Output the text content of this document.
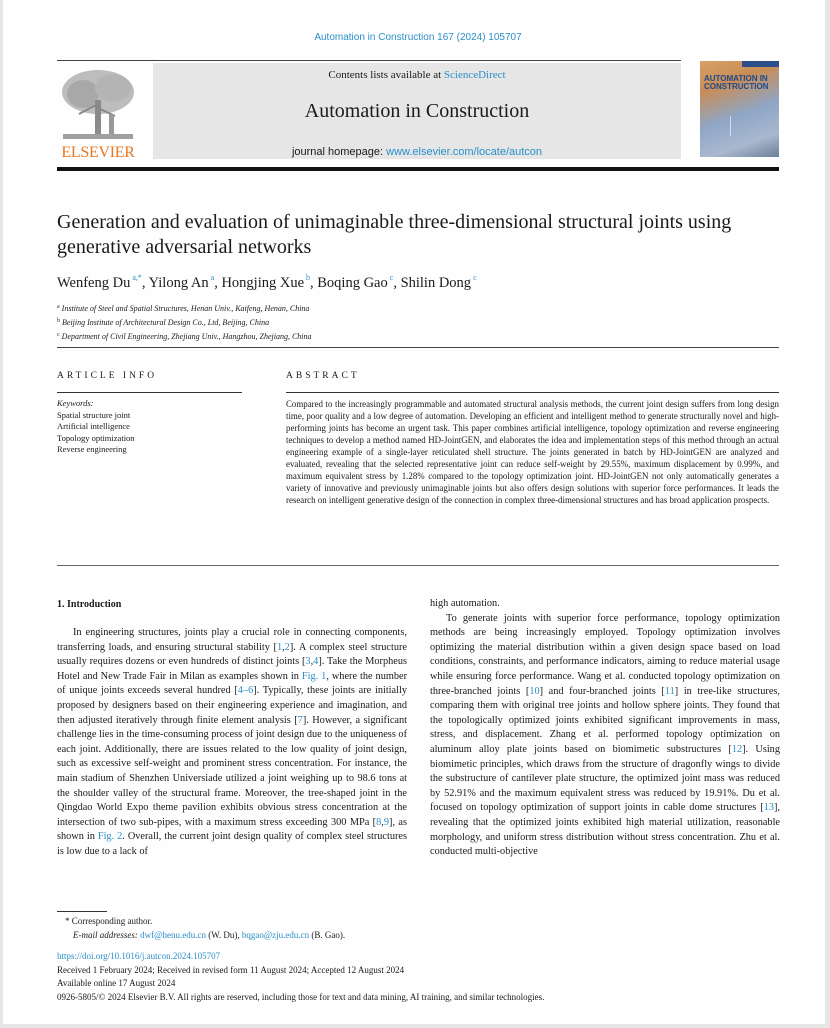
Automation in Construction 167 (2024) 105707
ELSEVIER
Contents lists available at ScienceDirect
Automation in Construction
journal homepage: www.elsevier.com/locate/autcon
AUTOMATION IN CONSTRUCTION
Generation and evaluation of unimaginable three-dimensional structural joints using generative adversarial networks
Wenfeng Du $^{a,*}$, Yilong An $^a$, Hongjing Xue $^b$, Boqing Gao $^c$, Shilin Dong $^c$
$^a$ Institute of Steel and Spatial Structures, Henan Univ., Kaifeng, Henan, China
$^b$ Beijing Institute of Architectural Design Co., Ltd, Beijing, China
$^c$ Department of Civil Engineering, Zhejiang Univ., Hangzhou, Zhejiang, China
ARTICLE INFO	ABSTRACT
Keywords:
Spatial structure joint
Artificial intelligence
Topology optimization
Reverse engineering
Compared to the increasingly programmable and automated structural analysis methods, the current joint design suffers from long design time, poor quality and a low degree of automation. Developing an efficient and intelligent method to generate structurally novel and high-performing joints has become an urgent task. This paper combines artificial intelligence, topology optimization and reverse engineering techniques to develop a method named HD-JointGEN, and elaborates the idea and implementation steps of this method through an actual engineering example of a single-layer reticulated shell structure. The joints generated in batch by HD-JointGEN are analyzed and evaluated, revealing that the selected representative joint can reduce self-weight by 29.55%, maximum displacement by 0.99%, and maximum equivalent stress by 1.28% compared to the topology optimization joint. HD-JointGEN not only automatically generates a variety of innovative and previously unimaginable joints but also offers design solutions with superior force performances. It leads the research on intelligent generative design of the connection in complex three-dimensional structures and has broad application prospects.
1. Introduction

In engineering structures, joints play a crucial role in connecting components, transferring loads, and ensuring structural stability [1,2]. A complex steel structure usually requires dozens or even hundreds of distinct joints [3,4]. Take the Morpheus Hotel and New Trade Fair in Milan as examples shown in Fig. 1, where the number of unique joints exceeds several hundred [4–6]. Typically, these joints are initially proposed by designers based on their engineering experience and imagination, and then adjusted iteratively through finite element analysis [7]. However, a significant challenge lies in the time-consuming process of joint design due to the uniqueness of each joint. Additionally, there are issues related to the low quality of joint design, such as excessive self-weight and prominent stress concentration. For instance, the main stadium of Shenzhen Universiade utilized a joint weighing up to 98.6 tons at the shoulder valley of the structural frame. Moreover, the tree-shaped joint in the Qingdao World Expo theme pavilion exhibits obvious stress concentration at the intersection of two sub-pipes, with a maximum stress exceeding 300 MPa [8,9], as shown in Fig. 2. Overall, the current joint design quality of complex steel structures is low due to a lack of

high automation.

To generate joints with superior force performance, topology optimization methods are being increasingly employed. Topology optimization involves optimizing the material distribution within a given design space based on load conditions, constraints, and performance indicators, aiming to reduce material usage while ensuring force performance. Wang et al. conducted topology optimization on three-branched joints [10] and four-branched joints [11] in tree-like structures, comparing them with original tree joints and hollow sphere joints. They found that the topologically optimized joints exhibited significant improvements in mass, stress, and displacement. Zhang et al. performed topology optimization on aluminum alloy plate joints based on biomimetic substructures [12]. Using biomimetic principles, which draws from the structure of dragonfly wings to divide the substructure of cantilever plate structure, the optimized joint mass was reduced by 52.91% and the maximum equivalent stress was reduced by 19.91%. Du et al. focused on topology optimization of support joints in cable dome structures [13], revealing that the optimized joints exhibited high material utilization, reasonable morphology, and uniform stress distribution without stress concentration. Zhu et al. conducted multi-objective

* Corresponding author.
E-mail addresses: dwf@henu.edu.cn (W. Du), bqgao@zju.edu.cn (B. Gao).
https://doi.org/10.1016/j.autcon.2024.105707
Received 1 February 2024; Received in revised form 11 August 2024; Accepted 12 August 2024
Available online 17 August 2024
0926-5805/© 2024 Elsevier B.V. All rights are reserved, including those for text and data mining, AI training, and similar technologies.
